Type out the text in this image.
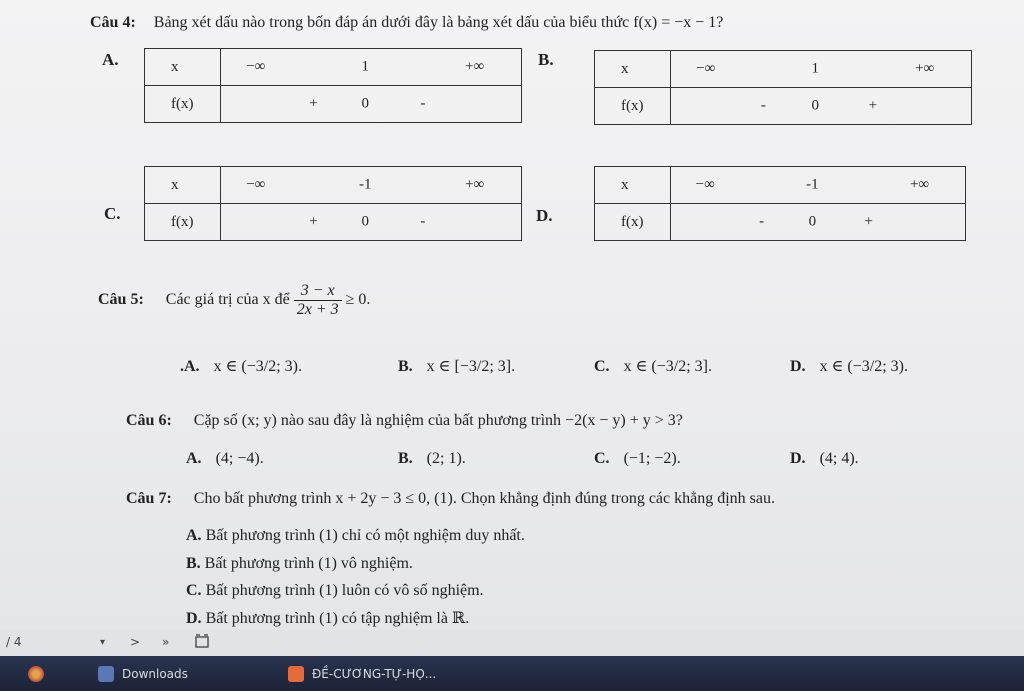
Câu 4: Bảng xét dấu nào trong bốn đáp án dưới đây là bảng xét dấu của biểu thức f(x) = −x − 1?
A.	x	−∞ 1 +∞

f(x)	+ 0 -
B.	x	−∞ 1 +∞

f(x)	- 0 +
C.
x	−∞ -1 +∞

f(x)	+ 0 -	D.
x	−∞ -1 +∞

f(x)	- 0 +
Câu 5: Các giá trị của x để $\frac{3 - x}{2x + 3} \ge 0$.
.A. x ∈ (−3/2; 3).	B. x ∈ [−3/2; 3].	C. x ∈ (−3/2; 3].	D. x ∈ (−3/2; 3).
Câu 6: Cặp số (x; y) nào sau đây là nghiệm của bất phương trình −2(x − y) + y > 3?
A. (4; −4).	B. (2; 1).	C. (−1; −2).	D. (4; 4).
Câu 7: Cho bất phương trình x + 2y − 3 ≤ 0, (1). Chọn khẳng định đúng trong các khẳng định sau.
A. Bất phương trình (1) chỉ có một nghiệm duy nhất.
B. Bất phương trình (1) vô nghiệm.
C. Bất phương trình (1) luôn có vô số nghiệm.
D. Bất phương trình (1) có tập nghiệm là ℝ.
/ 4	▾ > »
Downloads	ĐỀ-CƯƠNG-TỰ-HỌ...
